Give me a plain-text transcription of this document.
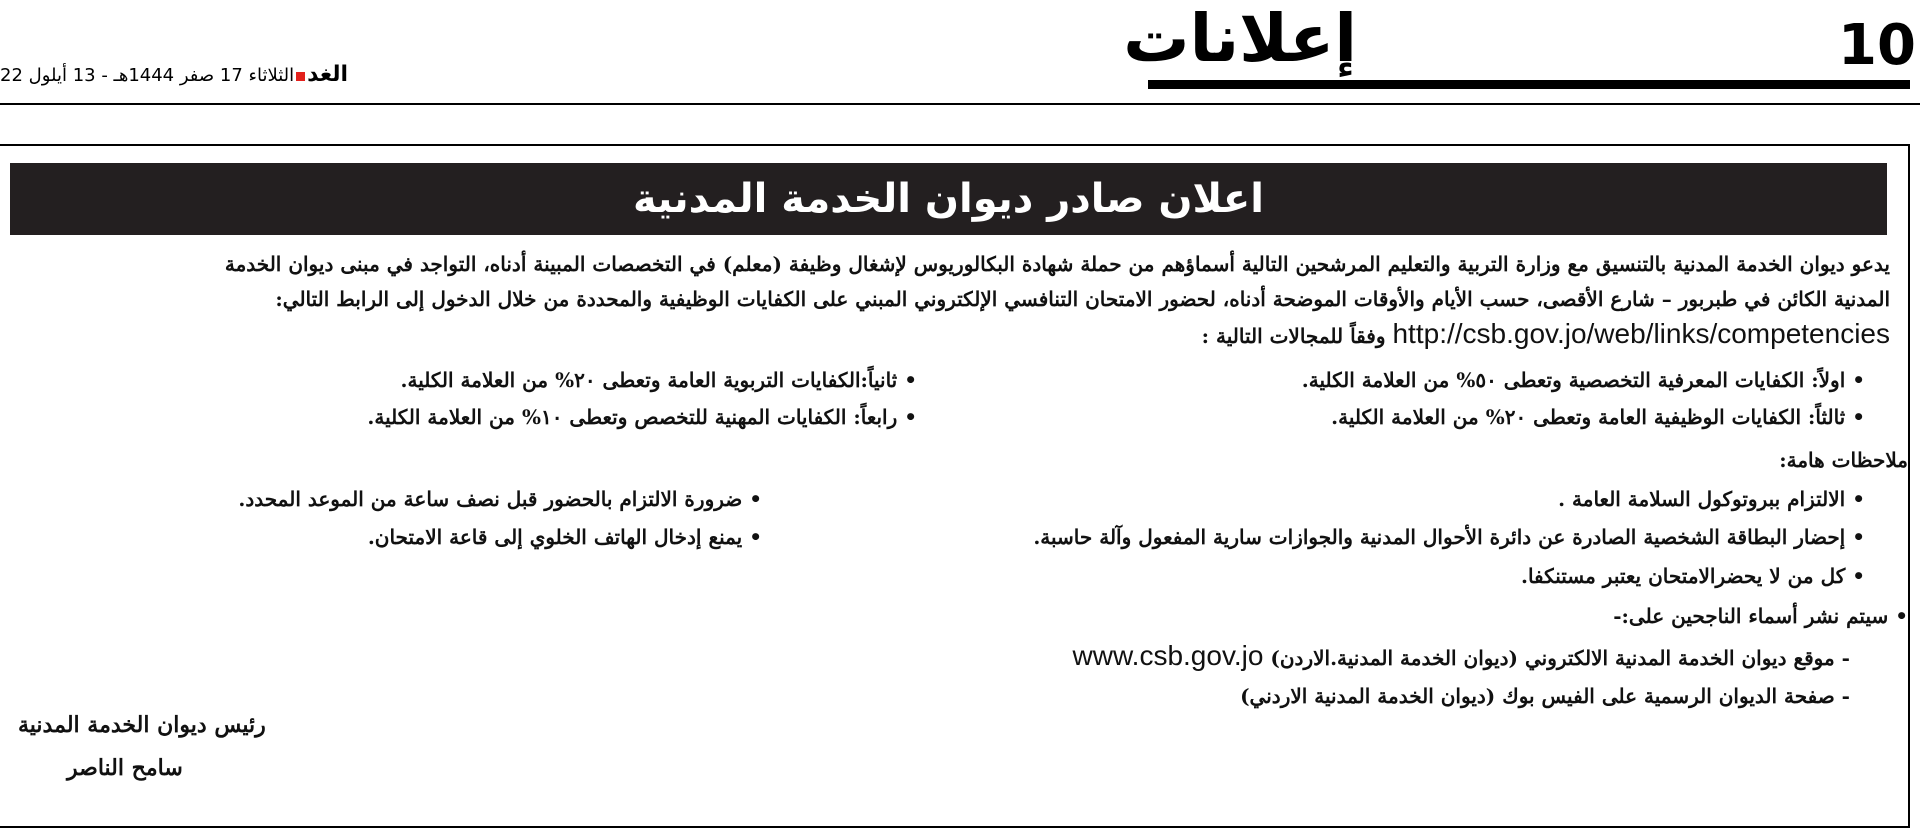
10
إعلانات
الغدالثلاثاء 17 صفر 1444هـ - 13 أيلول 22
اعلان صادر ديوان الخدمة المدنية
يدعو ديوان الخدمة المدنية بالتنسيق مع وزارة التربية والتعليم المرشحين التالية أسماؤهم من حملة شهادة البكالوريوس لإشغال وظيفة (معلم) في التخصصات المبينة أدناه، التواجد في مبنى ديوان الخدمة
المدنية الكائن في طبربور – شارع الأقصى، حسب الأيام والأوقات الموضحة أدناه، لحضور الامتحان التنافسي الإلكتروني المبني على الكفايات الوظيفية والمحددة من خلال الدخول إلى الرابط التالي:
http://csb.gov.jo/web/links/competencies وفقاً للمجالات التالية :
• اولاً: الكفايات المعرفية التخصصية وتعطى ٥٠% من العلامة الكلية.
• ثانياً:الكفايات التربوية العامة وتعطى ٢٠% من العلامة الكلية.
• ثالثاً: الكفايات الوظيفية العامة وتعطى ٢٠% من العلامة الكلية.
• رابعاً: الكفايات المهنية للتخصص وتعطى ١٠% من العلامة الكلية.
ملاحظات هامة:
• الالتزام ببروتوكول السلامة العامة .
• ضرورة الالتزام بالحضور قبل نصف ساعة من الموعد المحدد.
• إحضار البطاقة الشخصية الصادرة عن دائرة الأحوال المدنية والجوازات سارية المفعول وآلة حاسبة.
• يمنع إدخال الهاتف الخلوي إلى قاعة الامتحان.
• كل من لا يحضرالامتحان يعتبر مستنكفا.
• سيتم نشر أسماء الناجحين على:-
- موقع ديوان الخدمة المدنية الالكتروني (ديوان الخدمة المدنية.الاردن) www.csb.gov.jo
- صفحة الديوان الرسمية على الفيس بوك (ديوان الخدمة المدنية الاردني)
رئيس ديوان الخدمة المدنية
سامح الناصر
